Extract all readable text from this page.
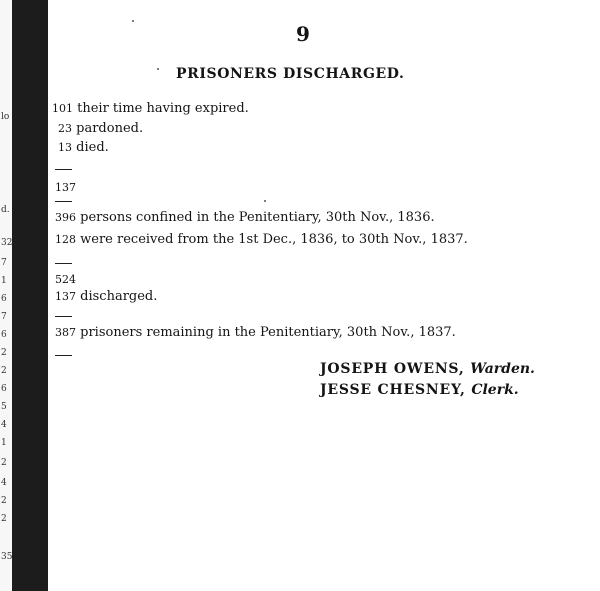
lo
d.
32
7
1
6
7
6
2
2
6
5
4
1
2
4
2
2
35
9
PRISONERS DISCHARGED.
101 their time having expired.
23 pardoned.
13 died.
137
396 persons confined in the Penitentiary, 30th Nov., 1836.
128 were received from the 1st Dec., 1836, to 30th Nov., 1837.
524
137 discharged.
387 prisoners remaining in the Penitentiary, 30th Nov., 1837.
JOSEPH OWENS, Warden.
JESSE CHESNEY, Clerk.
